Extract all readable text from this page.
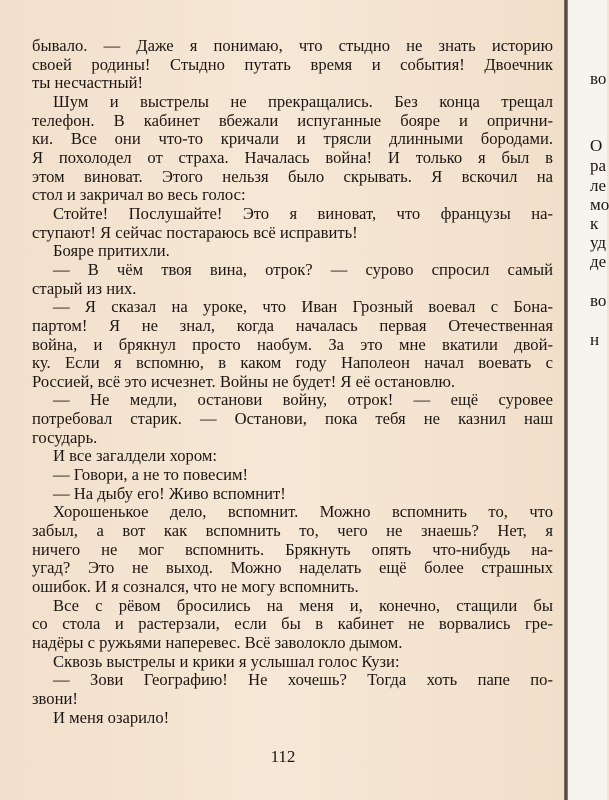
бывало. — Даже я понимаю, что стыдно не знать историю
своей родины! Стыдно путать время и события! Двоечник
ты несчастный!
Шум и выстрелы не прекращались. Без конца трещал
телефон. В кабинет вбежали испуганные бояре и опрични-
ки. Все они что-то кричали и трясли длинными бородами.
Я похолодел от страха. Началась война! И только я был в
этом виноват. Этого нельзя было скрывать. Я вскочил на
стол и закричал во весь голос:
Стойте! Послушайте! Это я виноват, что французы на-
ступают! Я сейчас постараюсь всё исправить!
Бояре притихли.
— В чём твоя вина, отрок? — сурово спросил самый
старый из них.
— Я сказал на уроке, что Иван Грозный воевал с Бона-
партом! Я не знал, когда началась первая Отечественная
война, и брякнул просто наобум. За это мне вкатили двой-
ку. Если я вспомню, в каком году Наполеон начал воевать с
Россией, всё это исчезнет. Войны не будет! Я её остановлю.
— Не медли, останови войну, отрок! — ещё суровее
потребовал старик. — Останови, пока тебя не казнил наш
государь.
И все загалдели хором:
— Говори, а не то повесим!
— На дыбу его! Живо вспомнит!
Хорошенькое дело, вспомнит. Можно вспомнить то, что
забыл, а вот как вспомнить то, чего не знаешь? Нет, я
ничего не мог вспомнить. Брякнуть опять что-нибудь на-
угад? Это не выход. Можно наделать ещё более страшных
ошибок. И я сознался, что не могу вспомнить.
Все с рёвом бросились на меня и, конечно, стащили бы
со стола и растерзали, если бы в кабинет не ворвались гре-
надёры с ружьями наперевес. Всё заволокло дымом.
Сквозь выстрелы и крики я услышал голос Кузи:
— Зови Географию! Не хочешь? Тогда хоть папе по-
звони!
И меня озарило!
112
во
О
ра
ле
мо
к
уд
де
во
н
